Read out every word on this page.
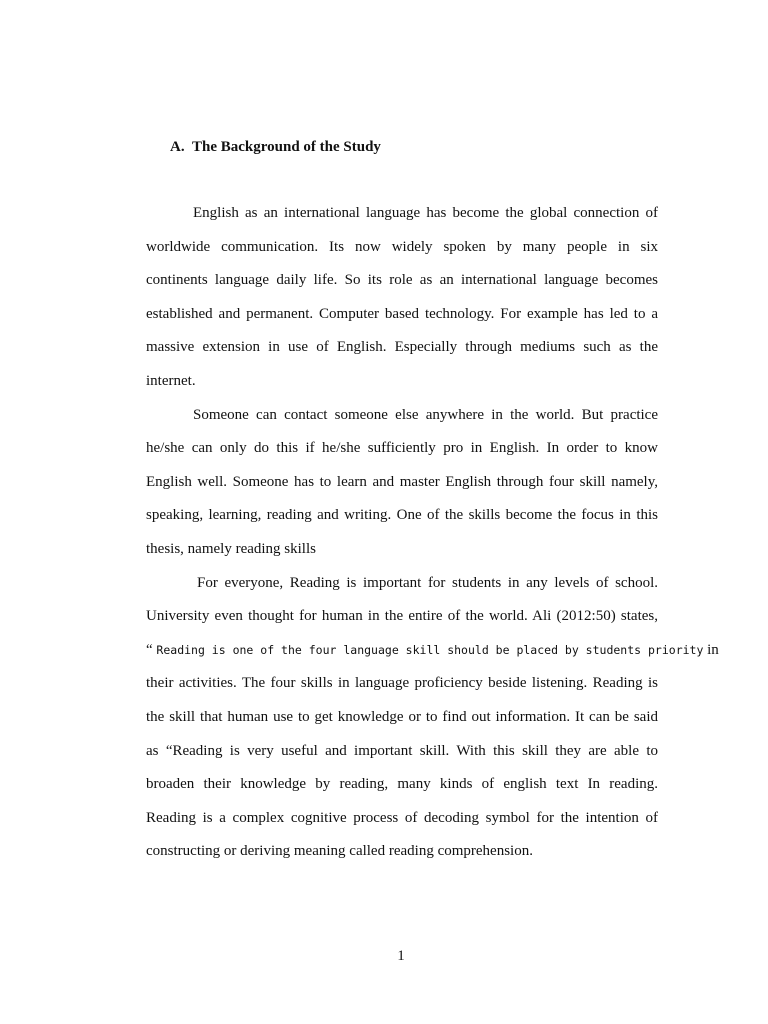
A. The Background of the Study
English as an international language has become the global connection of
worldwide communication. Its now widely spoken by many people in six
continents language daily life. So its role as an international language becomes
established and permanent. Computer based technology. For example has led to a
massive extension in use of English. Especially through mediums such as the
internet.
Someone can contact someone else anywhere in the world. But practice
he/she can only do this if he/she sufficiently pro in English. In order to know
English well. Someone has to learn and master English through four skill namely,
speaking, learning, reading and writing. One of the skills become the focus in this
thesis, namely reading skills
For everyone, Reading is important for students in any levels of school.
University even thought for human in the entire of the world. Ali (2012:50) states,
“ Reading is one of the four language skill should be placed by students priority in
their activities. The four skills in language proficiency beside listening. Reading is
the skill that human use to get knowledge or to find out information. It can be said
as “Reading is very useful and important skill. With this skill they are able to
broaden their knowledge by reading, many kinds of english text In reading.
Reading is a complex cognitive process of decoding symbol for the intention of
constructing or deriving meaning called reading comprehension.
1
